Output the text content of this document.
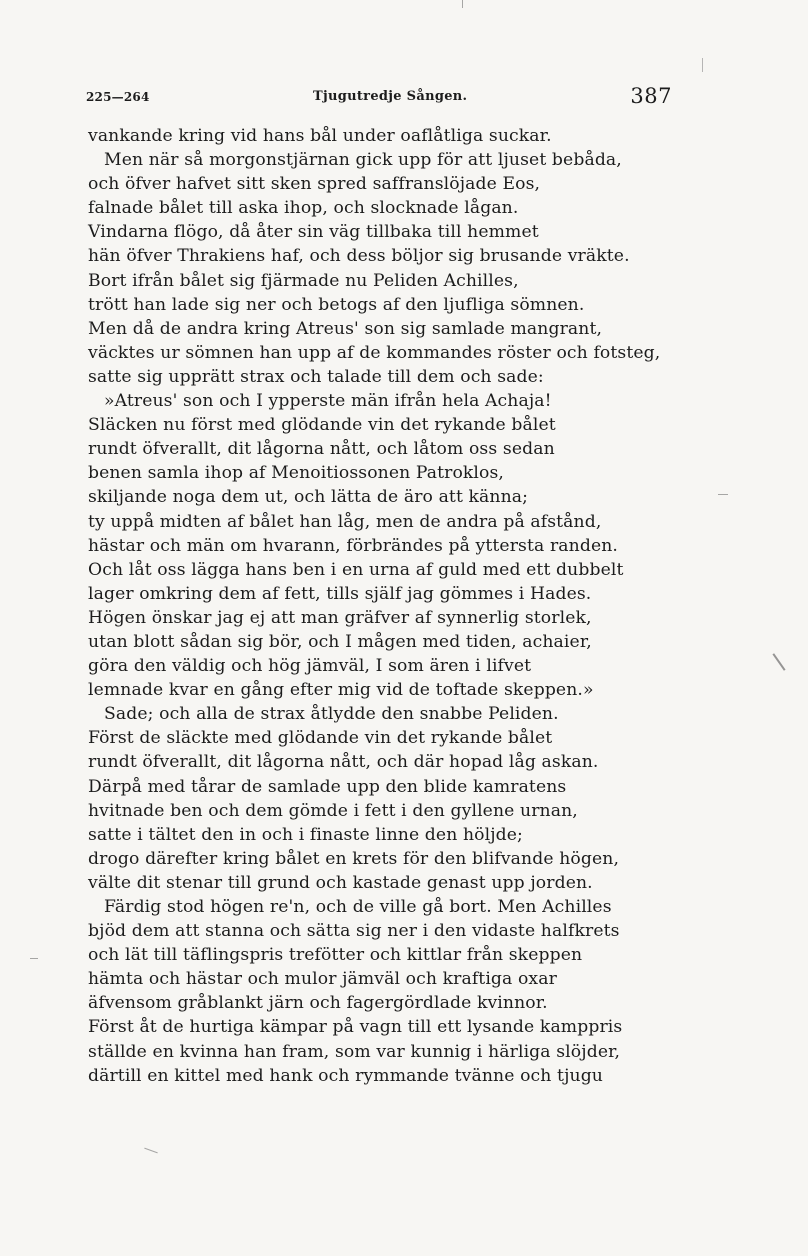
225—264	Tjugutredje Sången.	387
vankande kring vid hans bål under oaflåtliga suckar.
Men när så morgonstjärnan gick upp för att ljuset bebåda,
och öfver hafvet sitt sken spred saffranslöjade Eos,
falnade bålet till aska ihop, och slocknade lågan.
Vindarna flögo, då åter sin väg tillbaka till hemmet
hän öfver Thrakiens haf, och dess böljor sig brusande vräkte.
Bort ifrån bålet sig fjärmade nu Peliden Achilles,
trött han lade sig ner och betogs af den ljufliga sömnen.
Men då de andra kring Atreus' son sig samlade mangrant,
väcktes ur sömnen han upp af de kommandes röster och fotsteg,
satte sig upprätt strax och talade till dem och sade:
»Atreus' son och I ypperste män ifrån hela Achaja!
Släcken nu först med glödande vin det rykande bålet
rundt öfverallt, dit lågorna nått, och låtom oss sedan
benen samla ihop af Menoitiossonen Patroklos,
skiljande noga dem ut, och lätta de äro att känna;
ty uppå midten af bålet han låg, men de andra på afstånd,
hästar och män om hvarann, förbrändes på yttersta randen.
Och låt oss lägga hans ben i en urna af guld med ett dubbelt
lager omkring dem af fett, tills själf jag gömmes i Hades.
Högen önskar jag ej att man gräfver af synnerlig storlek,
utan blott sådan sig bör, och I mågen med tiden, achaier,
göra den väldig och hög jämväl, I som ären i lifvet
lemnade kvar en gång efter mig vid de toftade skeppen.»
Sade; och alla de strax åtlydde den snabbe Peliden.
Först de släckte med glödande vin det rykande bålet
rundt öfverallt, dit lågorna nått, och där hopad låg askan.
Därpå med tårar de samlade upp den blide kamratens
hvitnade ben och dem gömde i fett i den gyllene urnan,
satte i tältet den in och i finaste linne den höljde;
drogo därefter kring bålet en krets för den blifvande högen,
välte dit stenar till grund och kastade genast upp jorden.
Färdig stod högen re'n, och de ville gå bort. Men Achilles
bjöd dem att stanna och sätta sig ner i den vidaste halfkrets
och lät till täflingspris trefötter och kittlar från skeppen
hämta och hästar och mulor jämväl och kraftiga oxar
äfvensom gråblankt järn och fagergördlade kvinnor.
Först åt de hurtiga kämpar på vagn till ett lysande kamppris
ställde en kvinna han fram, som var kunnig i härliga slöjder,
därtill en kittel med hank och rymmande tvänne och tjugu
